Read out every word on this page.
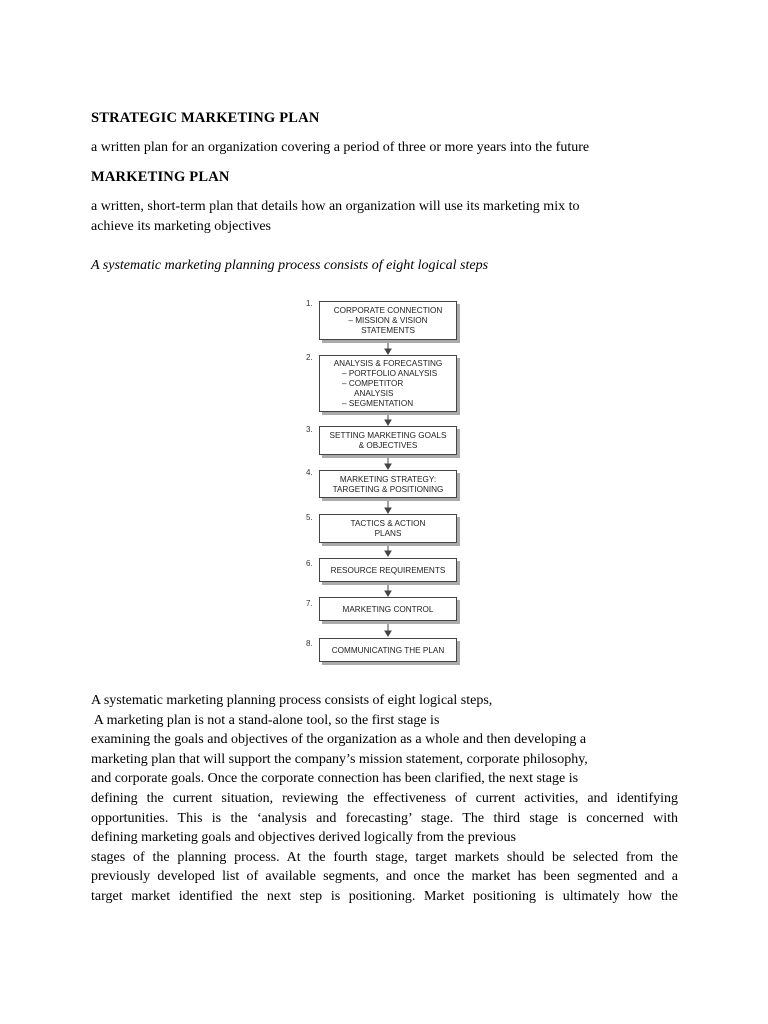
STRATEGIC MARKETING PLAN
a written plan for an organization covering a period of three or more years into the future
MARKETING PLAN
a written, short-term plan that details how an organization will use its marketing mix to
achieve its marketing objectives
A systematic marketing planning process consists of eight logical steps
1.
CORPORATE CONNECTION
– MISSION & VISION
STATEMENTS
2.
ANALYSIS & FORECASTING
– PORTFOLIO ANALYSIS
– COMPETITOR
ANALYSIS
– SEGMENTATION
3.
SETTING MARKETING GOALS
& OBJECTIVES
4.
MARKETING STRATEGY:
TARGETING & POSITIONING
5.
TACTICS & ACTION
PLANS
6.
RESOURCE REQUIREMENTS
7.
MARKETING CONTROL
8.
COMMUNICATING THE PLAN
A systematic marketing planning process consists of eight logical steps,
A marketing plan is not a stand-alone tool, so the first stage is
examining the goals and objectives of the organization as a whole and then developing a
marketing plan that will support the company’s mission statement, corporate philosophy,
and corporate goals. Once the corporate connection has been clarified, the next stage is
defining the current situation, reviewing the effectiveness of current activities, and identifying
opportunities. This is the ‘analysis and forecasting’ stage. The third stage is concerned with
defining marketing goals and objectives derived logically from the previous
stages of the planning process. At the fourth stage, target markets should be selected from the
previously developed list of available segments, and once the market has been segmented and a
target market identified the next step is positioning. Market positioning is ultimately how the
